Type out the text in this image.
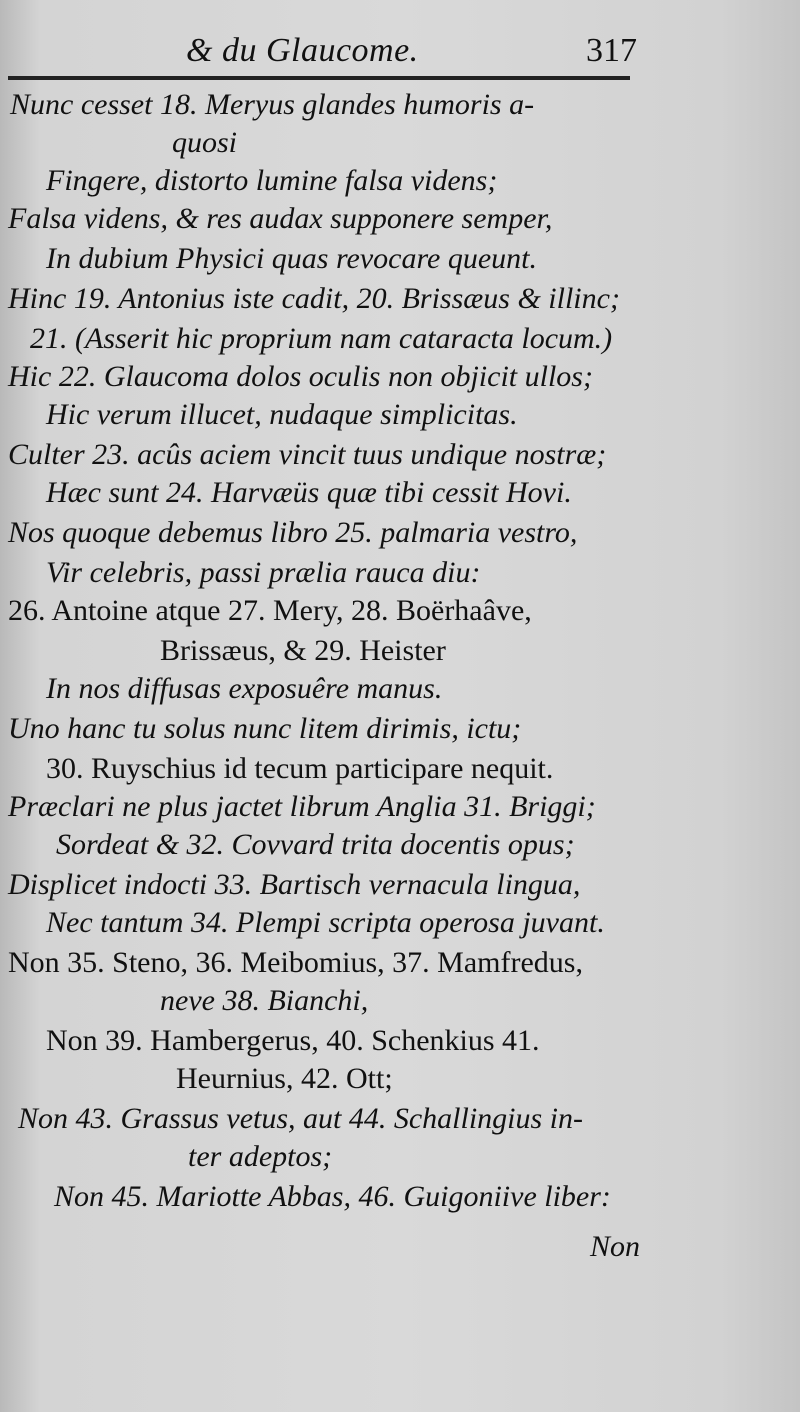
& du Glaucome.	317
Nunc cesset 18. Meryus glandes humoris a-
quosi
Fingere, distorto lumine falsa videns;
Falsa videns, & res audax supponere semper,
In dubium Physici quas revocare queunt.
Hinc 19. Antonius iste cadit, 20. Brissæus & illinc;
21. (Asserit hic proprium nam cataracta locum.)
Hic 22. Glaucoma dolos oculis non objicit ullos;
Hic verum illucet, nudaque simplicitas.
Culter 23. acûs aciem vincit tuus undique nostræ;
Hæc sunt 24. Harvæüs quæ tibi cessit Hovi.
Nos quoque debemus libro 25. palmaria vestro,
Vir celebris, passi prælia rauca diu:
26. Antoine atque 27. Mery, 28. Boërhaâve,
Brissæus, & 29. Heister
In nos diffusas exposuêre manus.
Uno hanc tu solus nunc litem dirimis, ictu;
30. Ruyschius id tecum participare nequit.
Præclari ne plus jactet librum Anglia 31. Briggi;
Sordeat & 32. Covvard trita docentis opus;
Displicet indocti 33. Bartisch vernacula lingua,
Nec tantum 34. Plempi scripta operosa juvant.
Non 35. Steno, 36. Meibomius, 37. Mamfredus,
neve 38. Bianchi,
Non 39. Hambergerus, 40. Schenkius 41.
Heurnius, 42. Ott;
Non 43. Grassus vetus, aut 44. Schallingius in-
ter adeptos;
Non 45. Mariotte Abbas, 46. Guigoniive liber:
Non
